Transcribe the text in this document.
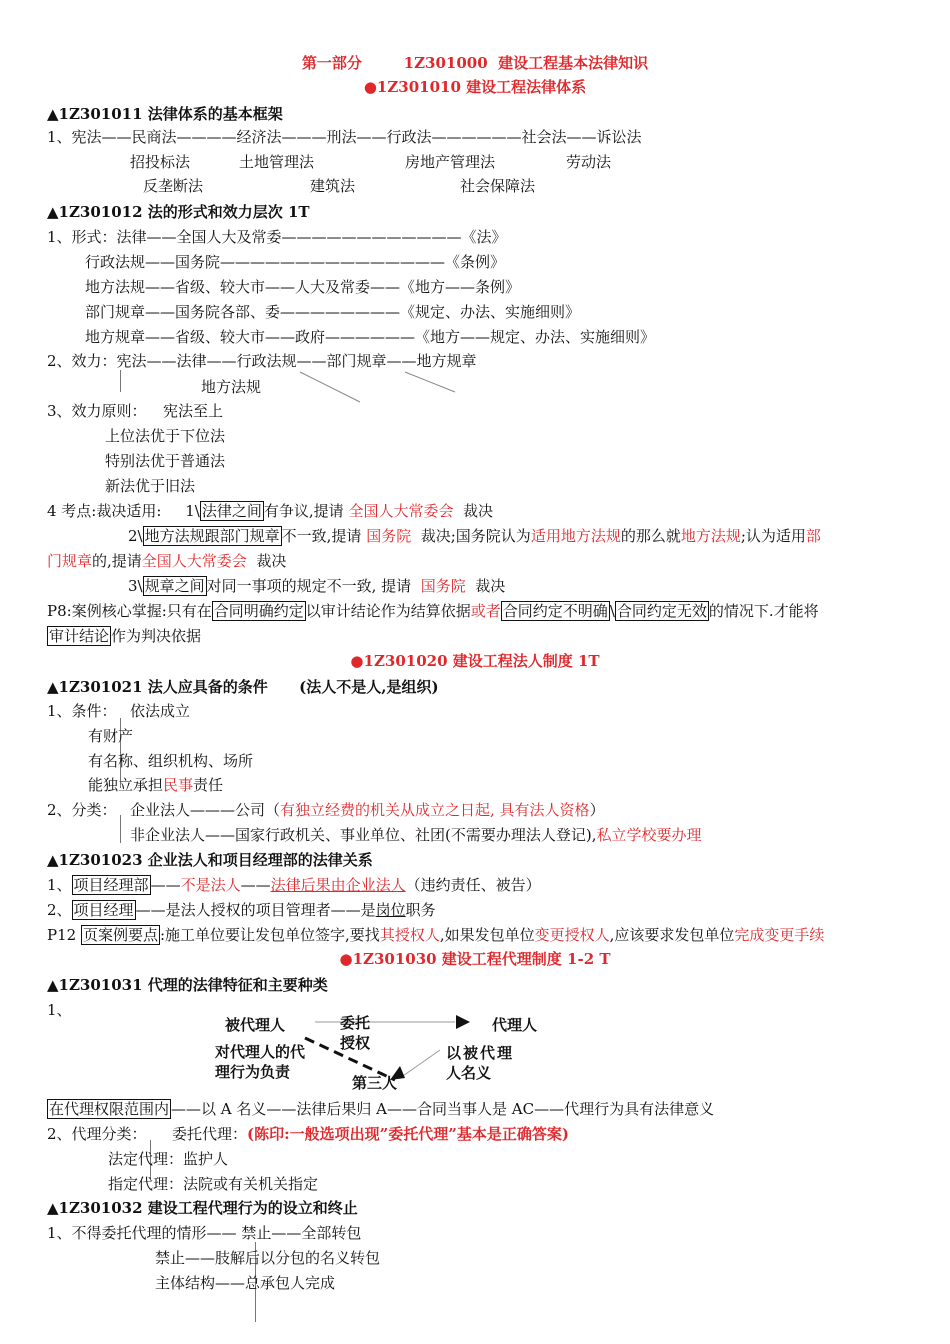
第一部分	1Z301000 建设工程基本法律知识
●1Z301010 建设工程法律体系
▲1Z301011 法律体系的基本框架
1、宪法——民商法————经济法———刑法——行政法——————社会法——诉讼法
招投标法	土地管理法	房地产管理法	劳动法
反垄断法	建筑法	社会保障法
▲1Z301012 法的形式和效力层次 1T
1、形式：法律——全国人大及常委————————————《法》
行政法规——国务院———————————————《条例》
地方法规——省级、较大市——人大及常委——《地方——条例》
部门规章——国务院各部、委————————《规定、办法、实施细则》
地方规章——省级、较大市——政府——————《地方——规定、办法、实施细则》
2、效力：宪法——法律——行政法规——部门规章——地方规章
地方法规
3、效力原则： 宪法至上
上位法优于下位法
特别法优于普通法
新法优于旧法
4 考点:裁决适用: 1\ 法律之间 有争议,提请 全国人大常委会 裁决
2\ 地方法规跟部门规章 不一致,提请 国务院 裁决;国务院认为适用地方法规的那么就地方法规;认为适用部
门规章的,提请全国人大常委会 裁决
3\ 规章之间 对同一事项的规定不一致, 提请 国务院 裁决
P8:案例核心掌握:只有在 合同明确约定 以审计结论作为结算依据或者 合同约定不明确 \ 合同约定无效 的情况下.才能将
审计结论 作为判决依据
●1Z301020 建设工程法人制度 1T
▲1Z301021 法人应具备的条件 (法人不是人,是组织)
1、条件： 依法成立
有财产
有名称、组织机构、场所
能独立承担民事责任
2、分类： 企业法人———公司（有独立经费的机关从成立之日起, 具有法人资格）
非企业法人——国家行政机关、事业单位、社团(不需要办理法人登记),私立学校要办理
▲1Z301023 企业法人和项目经理部的法律关系
1、 项目经理部 ——不是法人——法律后果由企业法人（违约责任、被告）
2、 项目经理 ——是法人授权的项目管理者——是岗位职务
P12 页案例要点 :施工单位要让发包单位签字,要找其授权人,如果发包单位变更授权人,应该要求发包单位完成变更手续
●1Z301030 建设工程代理制度 1-2 T
▲1Z301031 代理的法律特征和主要种类
1、
被代理人	委托
授权
代理人
对代理人的代
理行为负责
以被代理
人名义
第三人
在代理权限范围内 ——以 A 名义——法律后果归 A——合同当事人是 AC——代理行为具有法律意义
2、代理分类： 委托代理：(陈印:一般选项出现”委托代理”基本是正确答案)
法定代理：监护人
指定代理：法院或有关机关指定
▲1Z301032 建设工程代理行为的设立和终止
1、不得委托代理的情形—— 禁止——全部转包
禁止——肢解后以分包的名义转包
主体结构——总承包人完成
